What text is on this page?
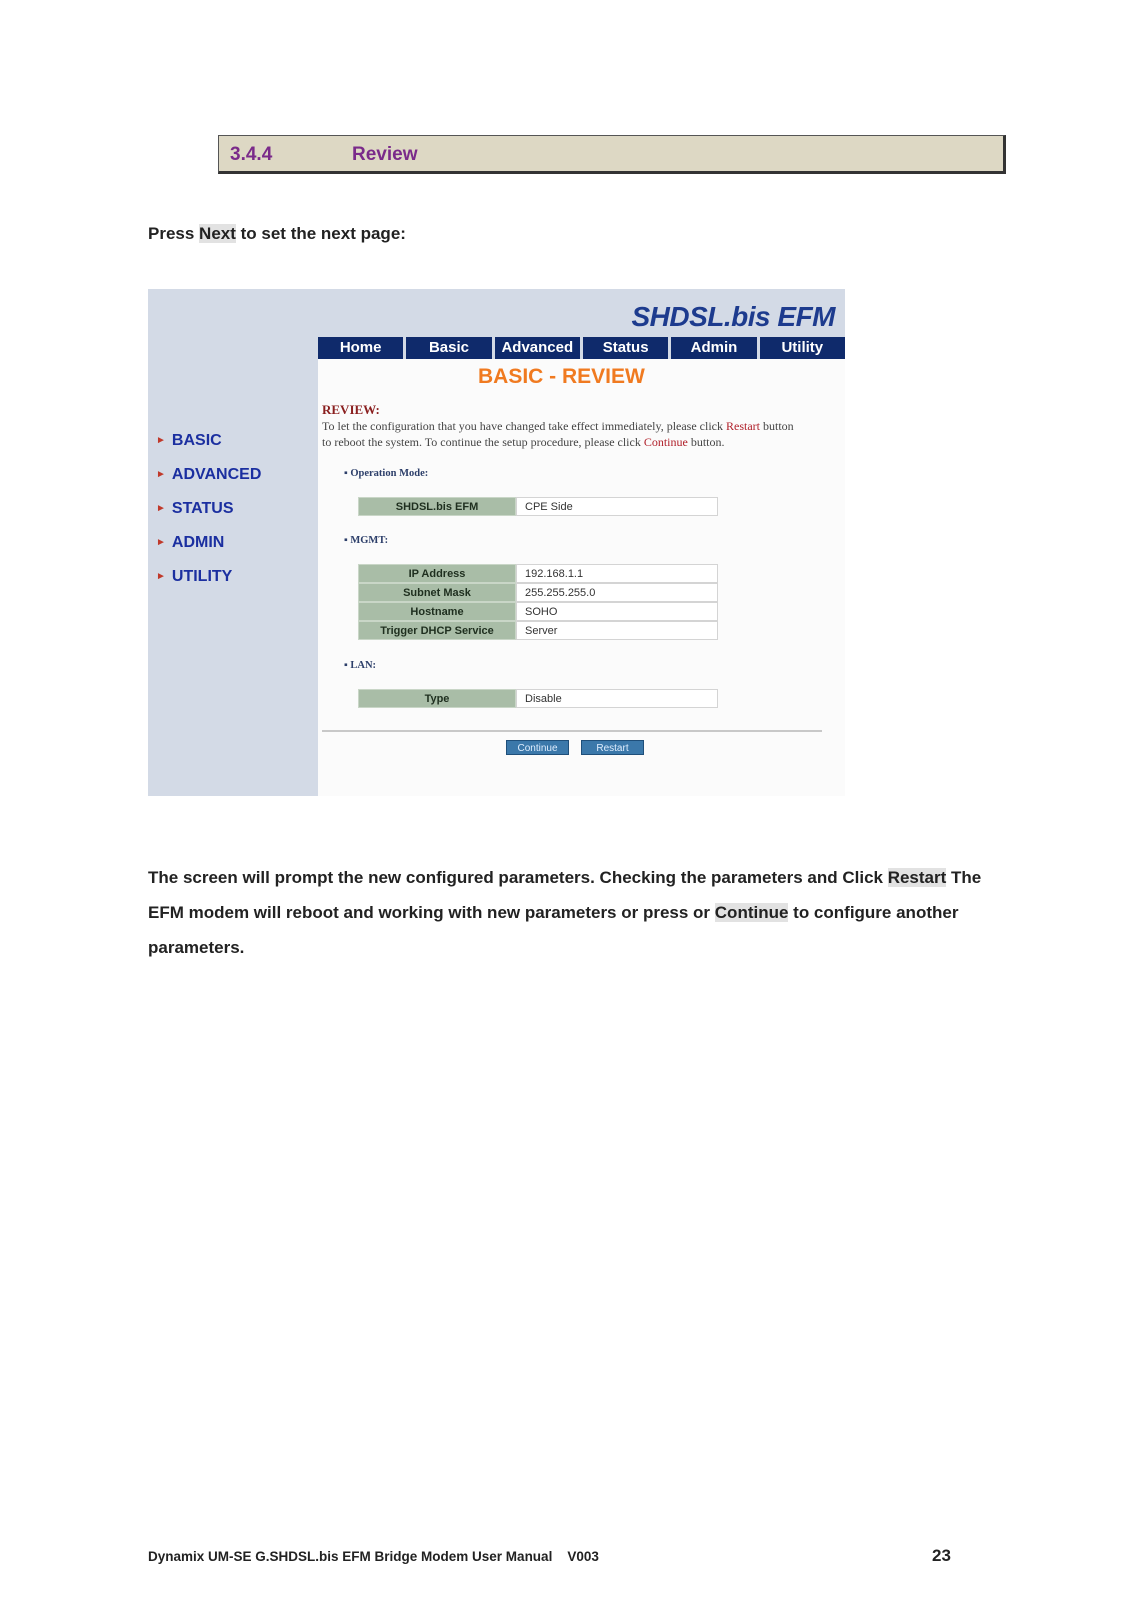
3.4.4	Review
Press Next to set the next page:
SHDSL.bis EFM
Home	Basic	Advanced	Status	Admin	Utility
► BASIC
► ADVANCED
► STATUS
► ADMIN
► UTILITY
BASIC - REVIEW
REVIEW:
To let the configuration that you have changed take effect immediately, please click Restart button
to reboot the system. To continue the setup procedure, please click Continue button.
▪ Operation Mode:
SHDSL.bis EFM	CPE Side
▪ MGMT:
IP Address	192.168.1.1
Subnet Mask	255.255.255.0
Hostname	SOHO
Trigger DHCP Service	Server
▪ LAN:
Type	Disable
Continue	Restart
The screen will prompt the new configured parameters. Checking the parameters and Click Restart The EFM modem will reboot and working with new parameters or press or Continue to configure another parameters.
Dynamix UM-SE G.SHDSL.bis EFM Bridge Modem User Manual    V003	23
